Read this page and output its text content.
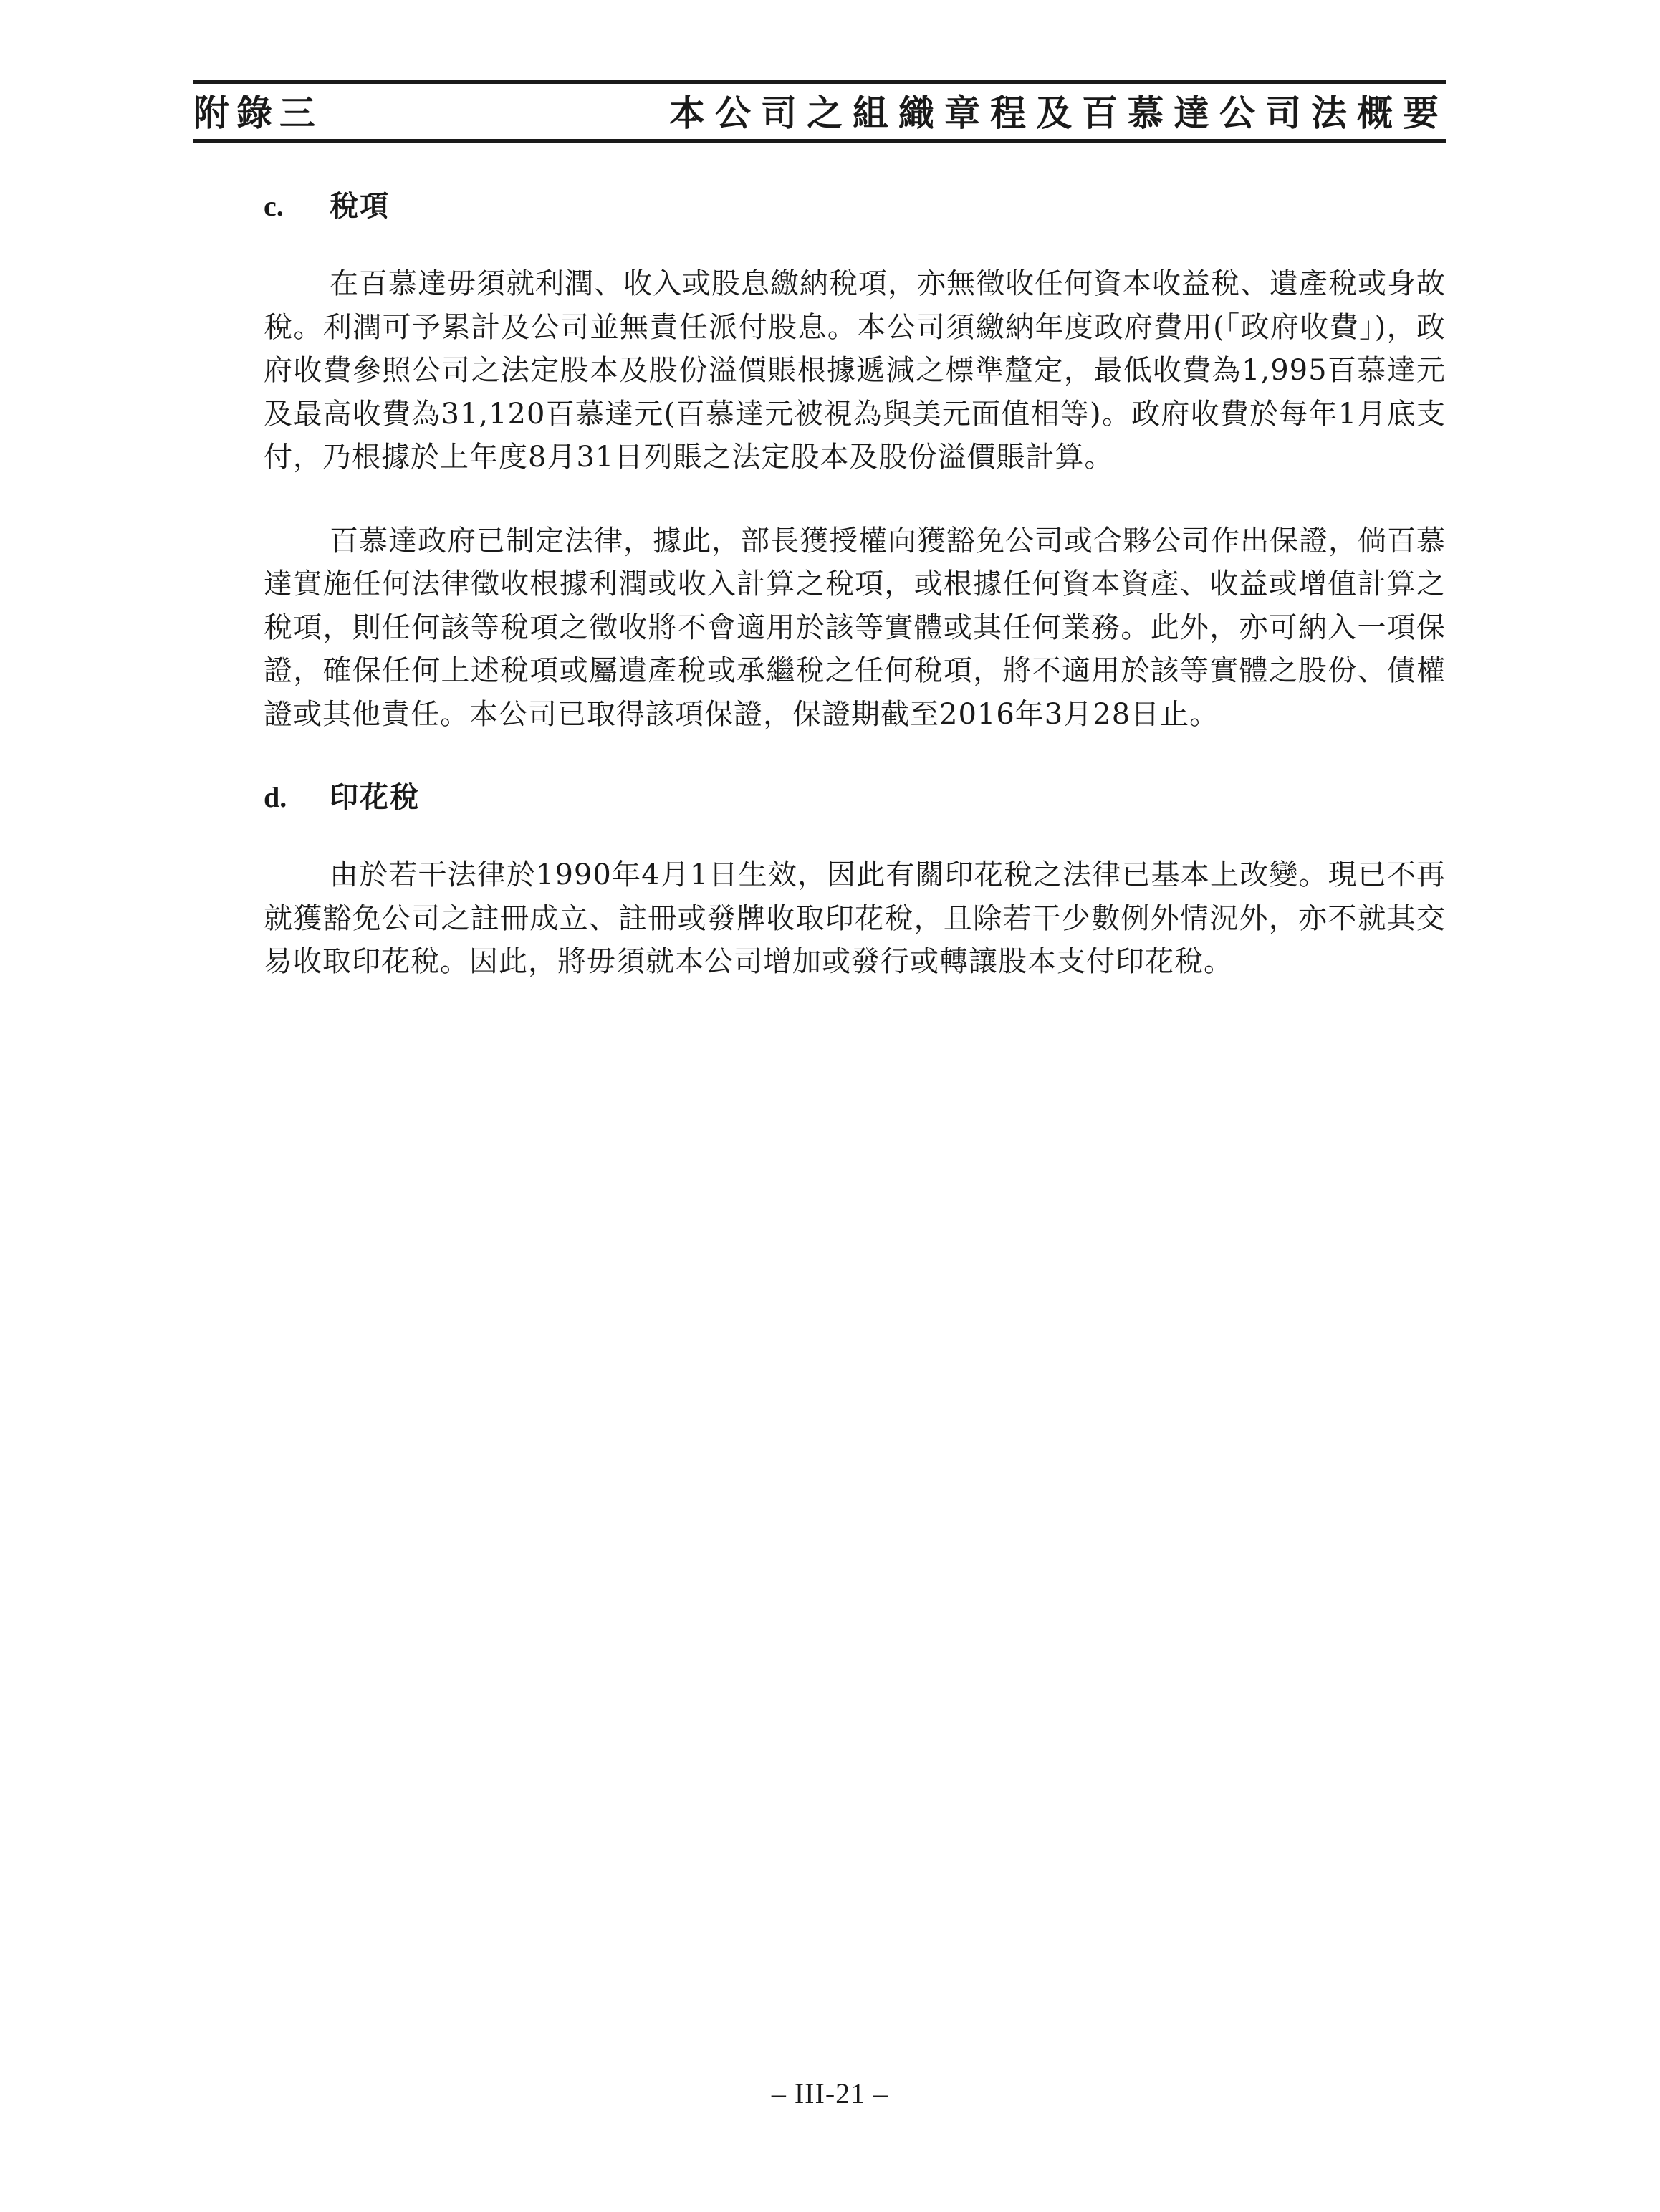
附錄三	本公司之組織章程及百慕達公司法概要
c.	稅項

在百慕達毋須就利潤、收入或股息繳納稅項，亦無徵收任何資本收益稅、遺產稅或身故稅。利潤可予累計及公司並無責任派付股息。本公司須繳納年度政府費用(「政府收費」)，政府收費參照公司之法定股本及股份溢價賬根據遞減之標準釐定，最低收費為1,995百慕達元及最高收費為31,120百慕達元(百慕達元被視為與美元面值相等)。政府收費於每年1月底支付，乃根據於上年度8月31日列賬之法定股本及股份溢價賬計算。

百慕達政府已制定法律，據此，部長獲授權向獲豁免公司或合夥公司作出保證，倘百慕達實施任何法律徵收根據利潤或收入計算之稅項，或根據任何資本資產、收益或增值計算之稅項，則任何該等稅項之徵收將不會適用於該等實體或其任何業務。此外，亦可納入一項保證，確保任何上述稅項或屬遺產稅或承繼稅之任何稅項，將不適用於該等實體之股份、債權證或其他責任。本公司已取得該項保證，保證期截至2016年3月28日止。

d.	印花稅

由於若干法律於1990年4月1日生效，因此有關印花稅之法律已基本上改變。現已不再就獲豁免公司之註冊成立、註冊或發牌收取印花稅，且除若干少數例外情況外，亦不就其交易收取印花稅。因此，將毋須就本公司增加或發行或轉讓股本支付印花稅。

– III-21 –
